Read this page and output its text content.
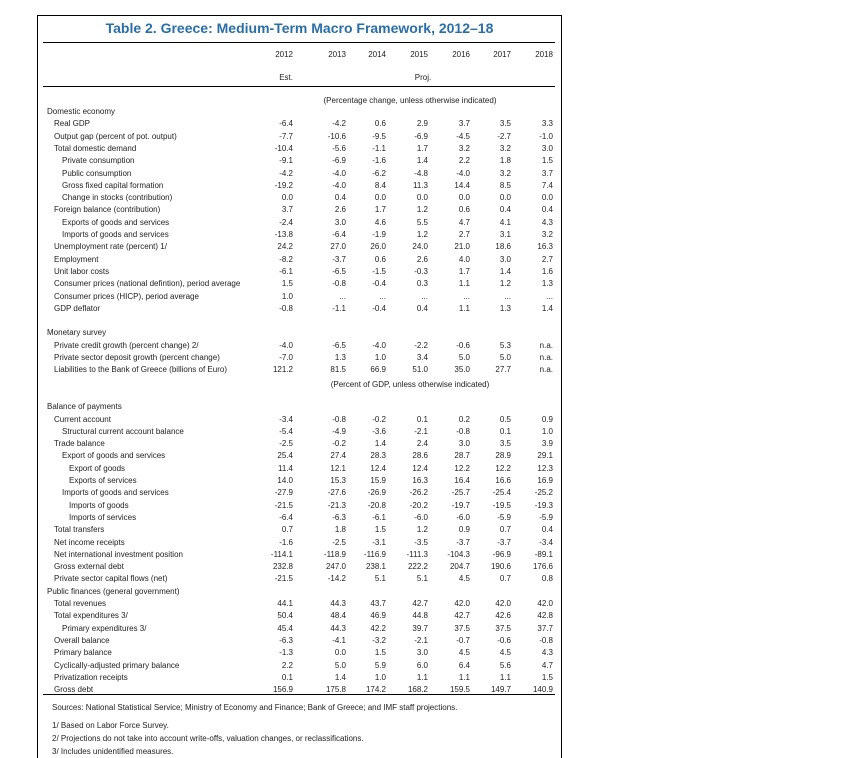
Table 2. Greece: Medium-Term Macro Framework, 2012–18
2012	2013	2014	2015	2016	2017	2018
Est.	Proj.
(Percentage change, unless otherwise indicated)
(Percent of GDP, unless otherwise indicated)
Domestic economy
Real GDP	-6.4	-4.2	0.6	2.9	3.7	3.5	3.3
Output gap (percent of pot. output)	-7.7	-10.6	-9.5	-6.9	-4.5	-2.7	-1.0
Total domestic demand	-10.4	-5.6	-1.1	1.7	3.2	3.2	3.0
Private consumption	-9.1	-6.9	-1.6	1.4	2.2	1.8	1.5
Public consumption	-4.2	-4.0	-6.2	-4.8	-4.0	3.2	3.7
Gross fixed capital formation	-19.2	-4.0	8.4	11.3	14.4	8.5	7.4
Change in stocks (contribution)	0.0	0.4	0.0	0.0	0.0	0.0	0.0
Foreign balance (contribution)	3.7	2.6	1.7	1.2	0.6	0.4	0.4
Exports of goods and services	-2.4	3.0	4.6	5.5	4.7	4.1	4.3
Imports of goods and services	-13.8	-6.4	-1.9	1.2	2.7	3.1	3.2
Unemployment rate (percent) 1/	24.2	27.0	26.0	24.0	21.0	18.6	16.3
Employment	-8.2	-3.7	0.6	2.6	4.0	3.0	2.7
Unit labor costs	-6.1	-6.5	-1.5	-0.3	1.7	1.4	1.6
Consumer prices (national defintion), period average	1.5	-0.8	-0.4	0.3	1.1	1.2	1.3
Consumer prices (HICP), period average	1.0	...	...	...	...	...	...
GDP deflator	-0.8	-1.1	-0.4	0.4	1.1	1.3	1.4
Monetary survey
Private credit growth (percent change) 2/	-4.0	-6.5	-4.0	-2.2	-0.6	5.3	n.a.
Private sector deposit growth (percent change)	-7.0	1.3	1.0	3.4	5.0	5.0	n.a.
Liabilities to the Bank of Greece (billions of Euro)	121.2	81.5	66.9	51.0	35.0	27.7	n.a.
Balance of payments
Current account	-3.4	-0.8	-0.2	0.1	0.2	0.5	0.9
Structural current account balance	-5.4	-4.9	-3.6	-2.1	-0.8	0.1	1.0
Trade balance	-2.5	-0.2	1.4	2.4	3.0	3.5	3.9
Export of goods and services	25.4	27.4	28.3	28.6	28.7	28.9	29.1
Export of goods	11.4	12.1	12.4	12.4	12.2	12.2	12.3
Exports of services	14.0	15.3	15.9	16.3	16.4	16.6	16.9
Imports of goods and services	-27.9	-27.6	-26.9	-26.2	-25.7	-25.4	-25.2
Imports of goods	-21.5	-21.3	-20.8	-20.2	-19.7	-19.5	-19.3
Imports of services	-6.4	-6.3	-6.1	-6.0	-6.0	-5.9	-5.9
Total transfers	0.7	1.8	1.5	1.2	0.9	0.7	0.4
Net income receipts	-1.6	-2.5	-3.1	-3.5	-3.7	-3.7	-3.4
Net international investment position	-114.1	-118.9	-116.9	-111.3	-104.3	-96.9	-89.1
Gross external debt	232.8	247.0	238.1	222.2	204.7	190.6	176.6
Private sector capital flows (net)	-21.5	-14.2	5.1	5.1	4.5	0.7	0.8
Public finances (general government)
Total revenues	44.1	44.3	43.7	42.7	42.0	42.0	42.0
Total expenditures 3/	50.4	48.4	46.9	44.8	42.7	42.6	42.8
Primary expenditures 3/	45.4	44.3	42.2	39.7	37.5	37.5	37.7
Overall balance	-6.3	-4.1	-3.2	-2.1	-0.7	-0.6	-0.8
Primary balance	-1.3	0.0	1.5	3.0	4.5	4.5	4.3
Cyclically-adjusted primary balance	2.2	5.0	5.9	6.0	6.4	5.6	4.7
Privatization receipts	0.1	1.4	1.0	1.1	1.1	1.1	1.5
Gross debt	156.9	175.8	174.2	168.2	159.5	149.7	140.9
Sources: National Statistical Service; Ministry of Economy and Finance; Bank of Greece; and IMF staff projections.
1/ Based on Labor Force Survey.
2/ Projections do not take into account write-offs, valuation changes, or reclassifications.
3/ Includes unidentified measures.
